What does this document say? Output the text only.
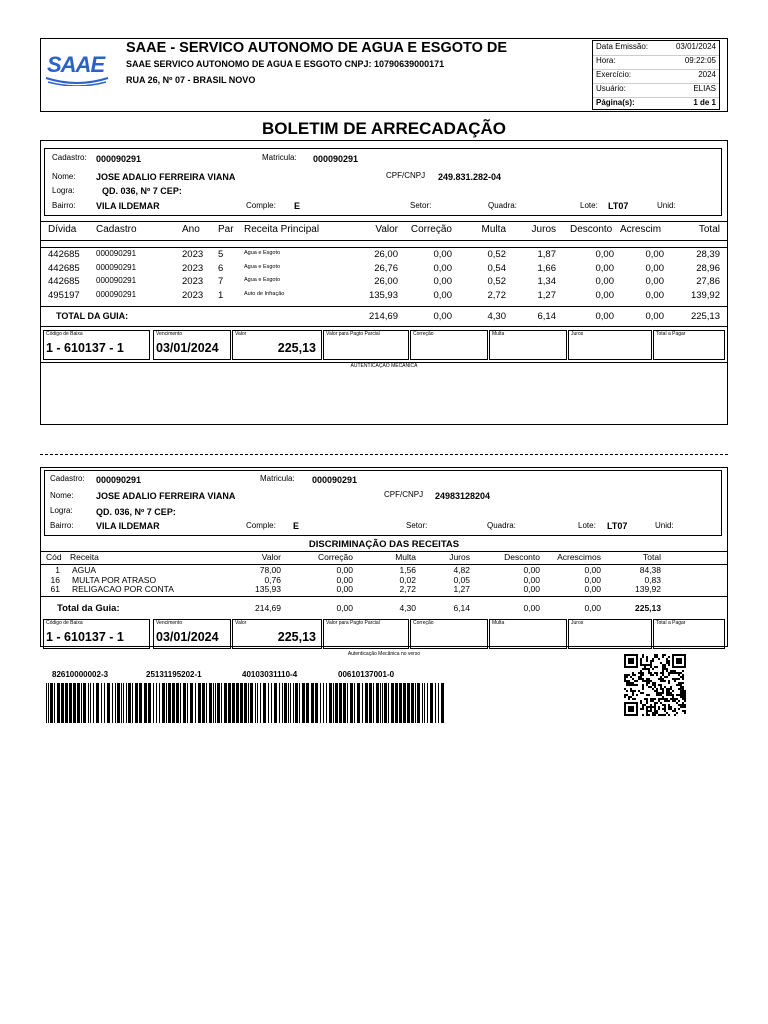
SAAE
SAAE - SERVICO AUTONOMO DE AGUA E ESGOTO DE
SAAE SERVICO AUTONOMO DE AGUA E ESGOTO CNPJ: 10790639000171
RUA 26, Nº 07 - BRASIL NOVO
Data Emissão:	03/01/2024
Hora:	09:22:05
Exercício:	2024
Usuário:	ELIAS
Página(s):	1 de 1
BOLETIM DE ARRECADAÇÃO
Cadastro: 000090291	Matricula: 000090291
Nome: JOSE ADALIO FERREIRA VIANA	CPF/CNPJ 249.831.282-04
Logra:	QD. 036, Nº 7 CEP:
Bairro: VILA ILDEMAR	Comple: E	Setor:	Quadra:	Lote: LT07	Unid:
Dívida Cadastro	Ano Par Receita Principal	Valor	Correção	Multa	Juros Desconto Acrescim	Total
442685 000090291	2023 5	Agua e Esgoto	26,00	0,00	0,52	1,87	0,00	0,00	28,39
442685 000090291	2023 6	Agua e Esgoto	26,76	0,00	0,54	1,66	0,00	0,00	28,96
442685 000090291	2023 7	Agua e Esgoto	26,00	0,00	0,52	1,34	0,00	0,00	27,86
495197 000090291	2023 1	Auto de Infração	135,93	0,00	2,72	1,27	0,00	0,00	139,92
TOTAL DA GUIA:	214,69	0,00	4,30	6,14	0,00	0,00	225,13
Código de Baixa
1 - 610137 - 1
Vencimento
03/01/2024
Valor
225,13
Valor para Pagto Parcial	Correção	Multa	Juros	Total a Pagar
AUTENTICAÇÃO MECÂNICA
Cadastro: 000090291	Matricula: 000090291
Nome: JOSE ADALIO FERREIRA VIANA	CPF/CNPJ 24983128204
Logra:	QD. 036, Nº 7 CEP:
Bairro: VILA ILDEMAR	Comple: E	Setor:	Quadra:	Lote: LT07	Unid:
DISCRIMINAÇÃO DAS RECEITAS
Cód Receita	Valor	Correção	Multa	Juros	Desconto	Acrescimos	Total
1 AGUA	78,00	0,00	1,56	4,82	0,00	0,00	84,38
16 MULTA POR ATRASO	0,76	0,00	0,02	0,05	0,00	0,00	0,83
61 RELIGACAO POR CONTA	135,93	0,00	2,72	1,27	0,00	0,00	139,92
Total da Guia:	214,69	0,00	4,30	6,14	0,00	0,00	225,13
Código de Baixa
1 - 610137 - 1
Vencimento
03/01/2024
Valor
225,13
Valor para Pagto Parcial	Correção	Multa	Juros	Total a Pagar
Autenticação Mecânica no verso
82610000002-3	25131195202-1	40103031110-4	00610137001-0
